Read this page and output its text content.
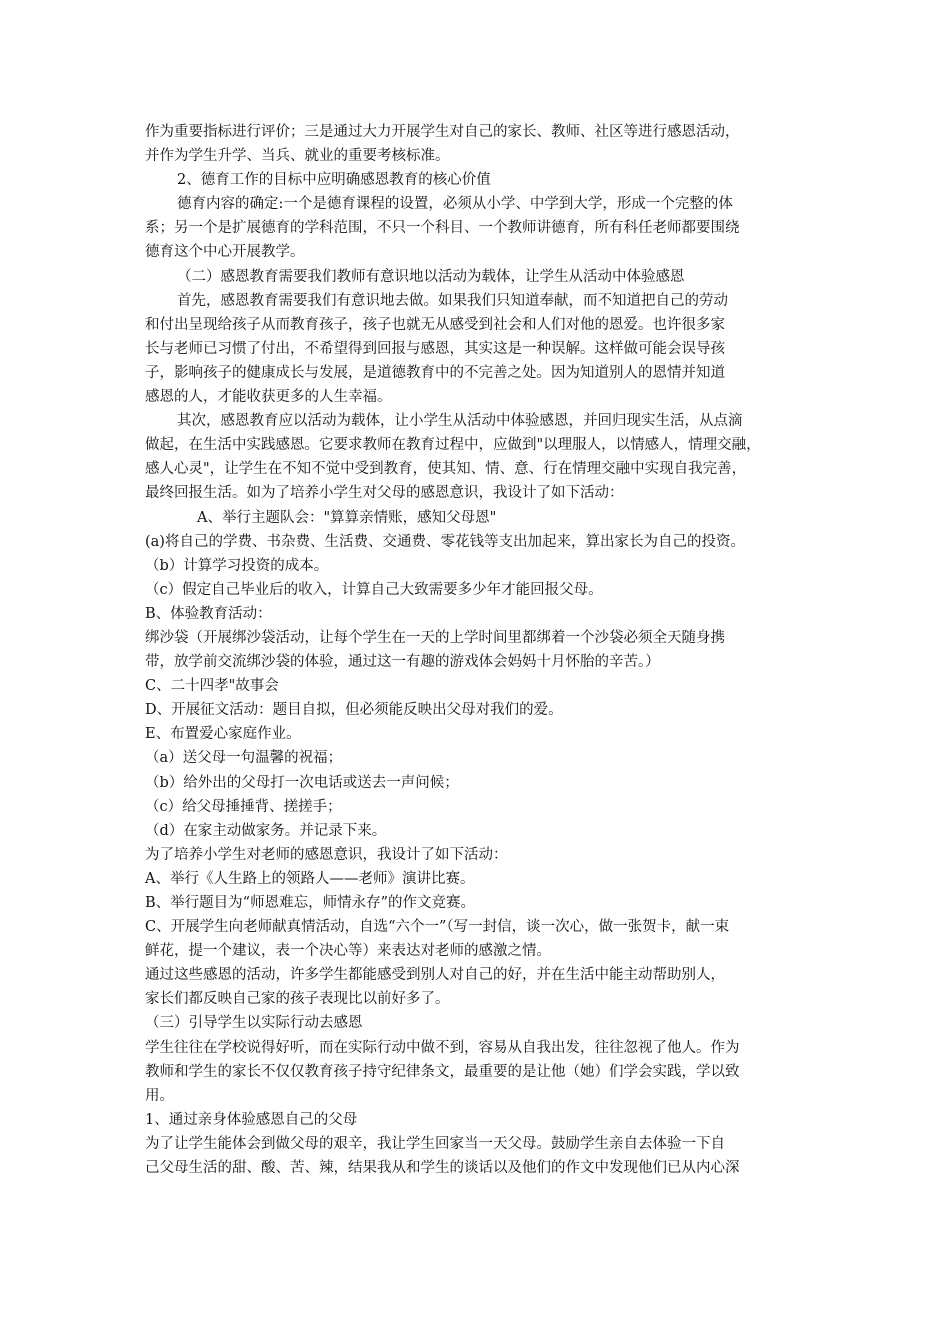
作为重要指标进行评价；三是通过大力开展学生对自己的家长、教师、社区等进行感恩活动，
并作为学生升学、当兵、就业的重要考核标准。
2、德育工作的目标中应明确感恩教育的核心价值
德育内容的确定:一个是德育课程的设置，必须从小学、中学到大学，形成一个完整的体
系；另一个是扩展德育的学科范围，不只一个科目、一个教师讲德育，所有科任老师都要围绕
德育这个中心开展教学。
（二）感恩教育需要我们教师有意识地以活动为载体，让学生从活动中体验感恩
首先，感恩教育需要我们有意识地去做。如果我们只知道奉献，而不知道把自己的劳动
和付出呈现给孩子从而教育孩子，孩子也就无从感受到社会和人们对他的恩爱。也许很多家
长与老师已习惯了付出，不希望得到回报与感恩，其实这是一种误解。这样做可能会误导孩
子，影响孩子的健康成长与发展，是道德教育中的不完善之处。因为知道别人的恩情并知道
感恩的人，才能收获更多的人生幸福。
其次，感恩教育应以活动为载体，让小学生从活动中体验感恩，并回归现实生活，从点滴
做起，在生活中实践感恩。它要求教师在教育过程中，应做到"以理服人，以情感人，情理交融，
感人心灵"，让学生在不知不觉中受到教育，使其知、情、意、行在情理交融中实现自我完善，
最终回报生活。如为了培养小学生对父母的感恩意识，我设计了如下活动：
A、举行主题队会："算算亲情账，感知父母恩"
(a)将自己的学费、书杂费、生活费、交通费、零花钱等支出加起来，算出家长为自己的投资。
（b）计算学习投资的成本。
（c）假定自己毕业后的收入，计算自己大致需要多少年才能回报父母。
B、体验教育活动：
绑沙袋（开展绑沙袋活动，让每个学生在一天的上学时间里都绑着一个沙袋必须全天随身携
带，放学前交流绑沙袋的体验，通过这一有趣的游戏体会妈妈十月怀胎的辛苦。）
C、二十四孝"故事会
D、开展征文活动：题目自拟，但必须能反映出父母对我们的爱。
E、布置爱心家庭作业。
（a）送父母一句温馨的祝福；
（b）给外出的父母打一次电话或送去一声问候；
（c）给父母捶捶背、搓搓手；
（d）在家主动做家务。并记录下来。
为了培养小学生对老师的感恩意识，我设计了如下活动：
A、举行《人生路上的领路人——老师》演讲比赛。
B、举行题目为“师恩难忘，师情永存”的作文竞赛。
C、开展学生向老师献真情活动，自选“六个一”（写一封信，谈一次心，做一张贺卡，献一束
鲜花，提一个建议，表一个决心等）来表达对老师的感激之情。
通过这些感恩的活动，许多学生都能感受到别人对自己的好，并在生活中能主动帮助别人，
家长们都反映自己家的孩子表现比以前好多了。
（三）引导学生以实际行动去感恩
学生往往在学校说得好听，而在实际行动中做不到，容易从自我出发，往往忽视了他人。作为
教师和学生的家长不仅仅教育孩子持守纪律条文，最重要的是让他（她）们学会实践，学以致
用。
1、通过亲身体验感恩自己的父母
为了让学生能体会到做父母的艰辛，我让学生回家当一天父母。鼓励学生亲自去体验一下自
己父母生活的甜、酸、苦、辣，结果我从和学生的谈话以及他们的作文中发现他们已从内心深
